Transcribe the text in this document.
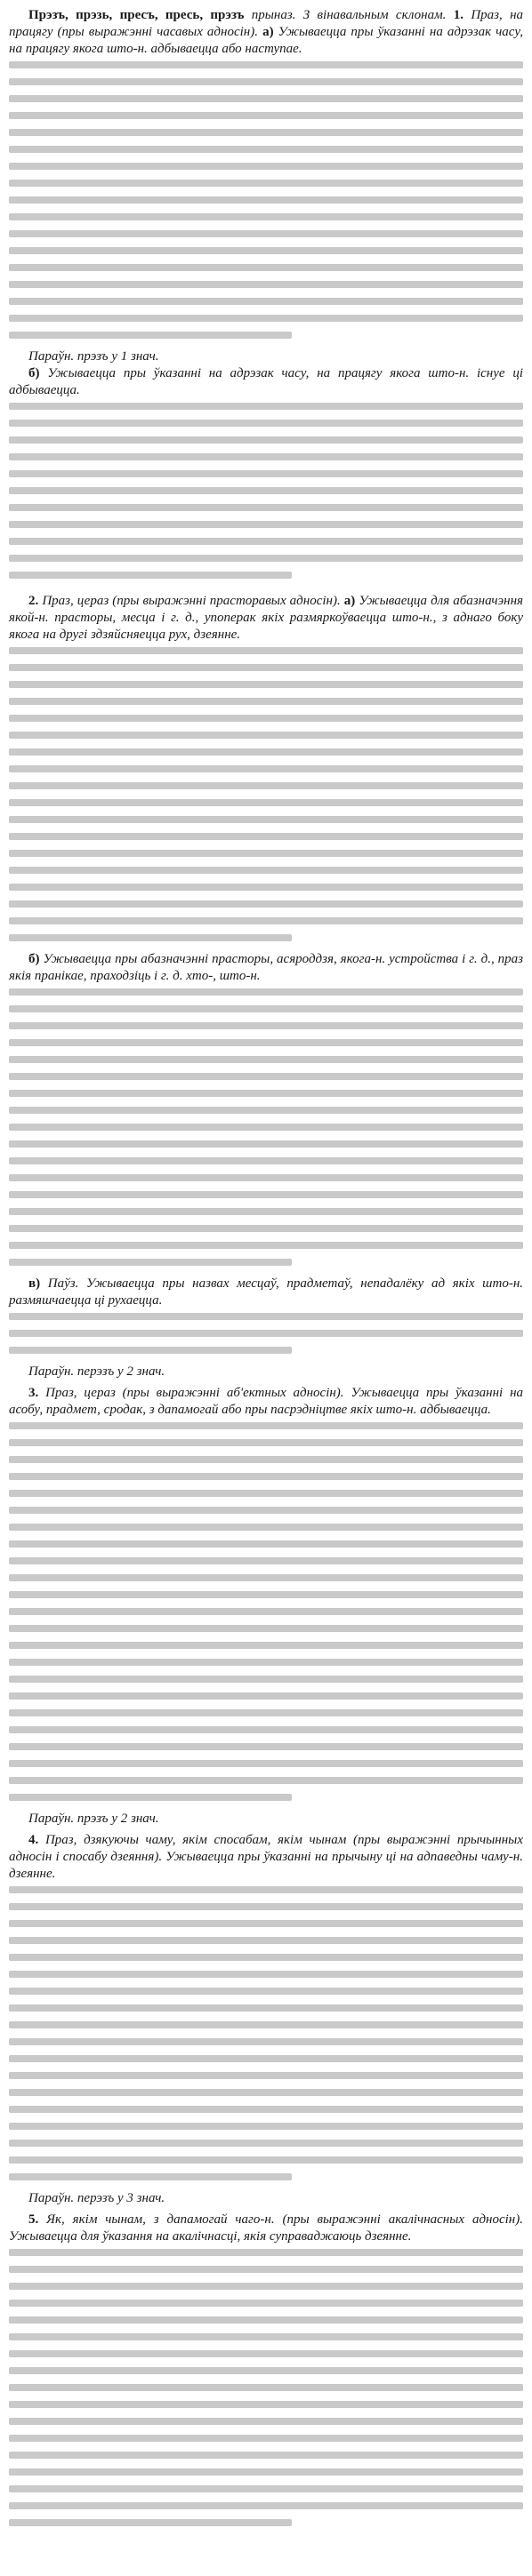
Прэзъ, прэзь, пресъ, пресь, прэзъ прыназ. З вінавальным склонам. 1. Праз, на працягу (пры выражэнні часавых адносін). а) Ужываецца пры ўказанні на адрэзак часу, на працягу якога што-н. адбываецца або наступае.

Параўн. прэзъ у 1 знач.

б) Ужываецца пры ўказанні на адрэзак часу, на працягу якога што-н. існуе ці адбываецца.

2. Праз, цераз (пры выражэнні прасторавых адносін). а) Ужываецца для абазначэння якой-н. прасторы, месца і г. д., упоперак якіх размяркоўваецца што-н., з аднаго боку якога на другі здзяйсняецца рух, дзеянне.

б) Ужываецца пры абазначэнні прасторы, асяроддзя, якога-н. устройства і г. д., праз якія пранікае, праходзіць і г. д. хто-, што-н.

в) Паўз. Ужываецца пры назвах месцаў, прадметаў, непадалёку ад якіх што-н. размяшчаецца ці рухаецца.

Параўн. перэзъ у 2 знач.

3. Праз, цераз (пры выражэнні аб'ектных адносін). Ужываецца пры ўказанні на асобу, прадмет, сродак, з дапамогай або пры пасрэдніцтве якіх што-н. адбываецца.

Параўн. прэзъ у 2 знач.

4. Праз, дзякуючы чаму, якім спосабам, якім чынам (пры выражэнні прычынных адносін і спосабу дзеяння). Ужываецца пры ўказанні на прычыну ці на адпаведны чаму-н. дзеянне.

Параўн. перэзъ у 3 знач.

5. Як, якім чынам, з дапамогай чаго-н. (пры выражэнні акалічнасных адносін). Ужываецца для ўказання на акалічнасці, якія суправаджаюць дзеянне.
